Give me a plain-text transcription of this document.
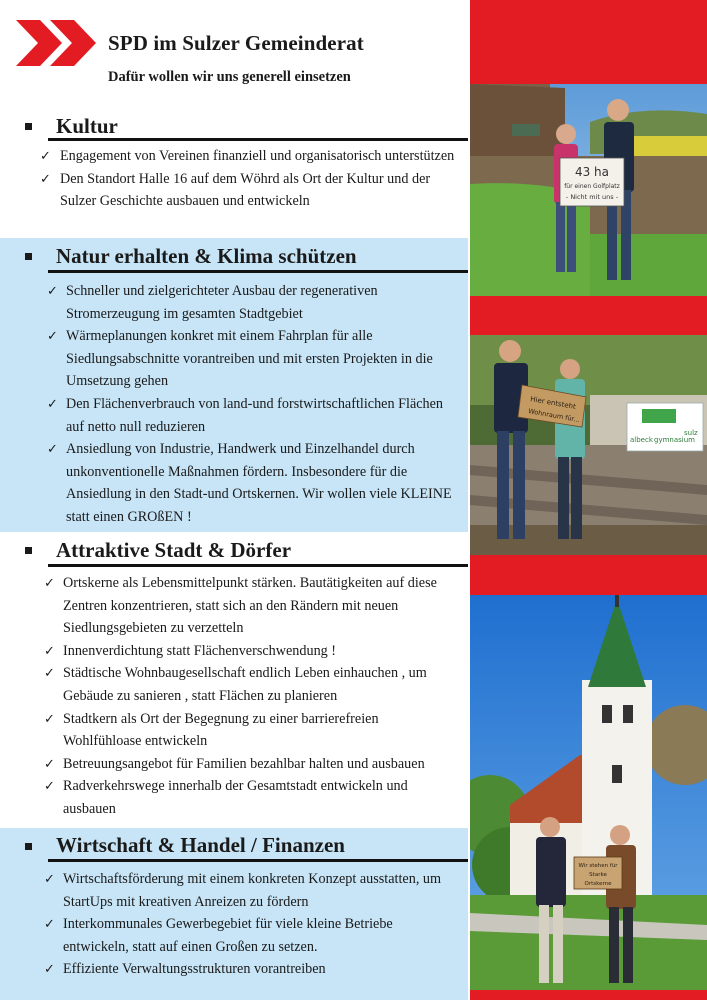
SPD im Sulzer Gemeinderat
Dafür wollen wir uns generell einsetzen
Kultur
✓ Engagement von Vereinen finanziell und organisatorisch unterstützen
✓ Den Standort Halle 16 auf dem Wöhrd als Ort der Kultur und der Sulzer Geschichte ausbauen und entwickeln
Natur erhalten & Klima schützen
✓ Schneller und zielgerichteter Ausbau der regenerativen Stromerzeugung im gesamten Stadtgebiet
✓ Wärmeplanungen konkret mit einem Fahrplan für alle Siedlungsabschnitte vorantreiben und mit ersten Projekten in die Umsetzung gehen
✓ Den Flächenverbrauch von land-und forstwirtschaftlichen Flächen auf netto null reduzieren
✓ Ansiedlung von Industrie, Handwerk und Einzelhandel durch unkonventionelle Maßnahmen fördern. Insbesondere für die Ansiedlung in den Stadt-und Ortskernen. Wir wollen viele KLEINE statt einen GROßEN !
Attraktive Stadt & Dörfer
✓ Ortskerne als Lebensmittelpunkt stärken. Bautätigkeiten auf diese Zentren konzentrieren, statt sich an den Rändern mit neuen Siedlungsgebieten zu verzetteln
✓ Innenverdichtung statt Flächenverschwendung !
✓ Städtische Wohnbaugesellschaft endlich Leben einhauchen , um Gebäude zu sanieren , statt Flächen zu planieren
✓ Stadtkern als Ort der Begegnung zu einer barrierefreien Wohlfühloase entwickeln
✓ Betreuungsangebot für Familien bezahlbar halten und ausbauen
✓ Radverkehrswege innerhalb der Gesamtstadt entwickeln und ausbauen
Wirtschaft & Handel / Finanzen
✓ Wirtschaftsförderung mit einem konkreten Konzept ausstatten, um StartUps mit kreativen Anreizen zu fördern
✓ Interkommunales Gewerbegebiet für viele kleine Betriebe entwickeln, statt auf einen Großen zu setzen.
✓ Effiziente Verwaltungsstrukturen vorantreiben
43 ha
für einen Golfplatz
- Nicht mit uns -
albeck gymnasium
sulz
Hier entsteht
Wohnraum für...
Wir stehen für
Starke
Ortskerne
